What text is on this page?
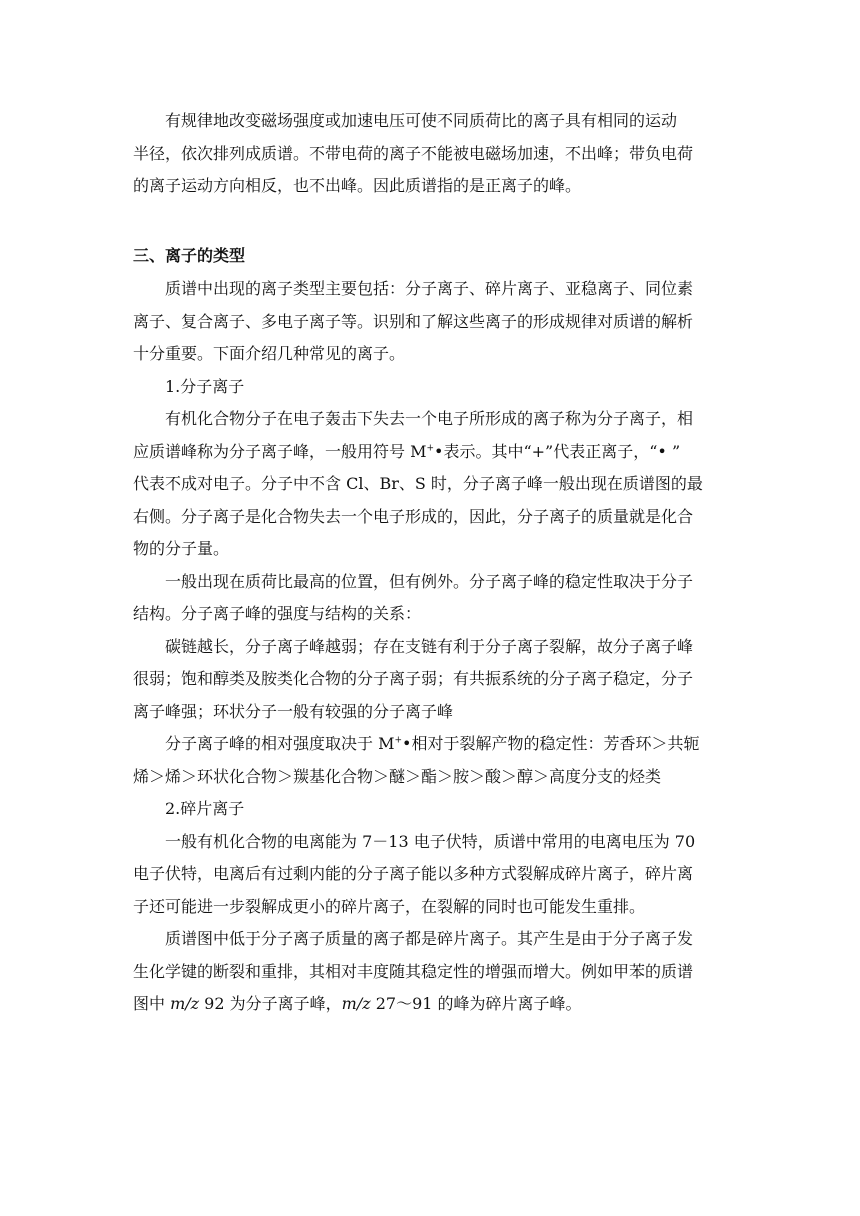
有规律地改变磁场强度或加速电压可使不同质荷比的离子具有相同的运动
半径，依次排列成质谱。不带电荷的离子不能被电磁场加速，不出峰；带负电荷
的离子运动方向相反，也不出峰。因此质谱指的是正离子的峰。
三、离子的类型
质谱中出现的离子类型主要包括：分子离子、碎片离子、亚稳离子、同位素
离子、复合离子、多电子离子等。识别和了解这些离子的形成规律对质谱的解析
十分重要。下面介绍几种常见的离子。
1.分子离子
有机化合物分子在电子轰击下失去一个电子所形成的离子称为分子离子，相
应质谱峰称为分子离子峰，一般用符号 M+•表示。其中“+”代表正离子，“• ”
代表不成对电子。分子中不含 Cl、Br、S 时，分子离子峰一般出现在质谱图的最
右侧。分子离子是化合物失去一个电子形成的，因此，分子离子的质量就是化合
物的分子量。
一般出现在质荷比最高的位置，但有例外。分子离子峰的稳定性取决于分子
结构。分子离子峰的强度与结构的关系：
碳链越长，分子离子峰越弱；存在支链有利于分子离子裂解，故分子离子峰
很弱；饱和醇类及胺类化合物的分子离子弱；有共振系统的分子离子稳定，分子
离子峰强；环状分子一般有较强的分子离子峰
分子离子峰的相对强度取决于 M+•相对于裂解产物的稳定性：芳香环＞共轭
烯＞烯＞环状化合物＞羰基化合物＞醚＞酯＞胺＞酸＞醇＞高度分支的烃类
2.碎片离子
一般有机化合物的电离能为 7－13 电子伏特，质谱中常用的电离电压为 70
电子伏特，电离后有过剩内能的分子离子能以多种方式裂解成碎片离子，碎片离
子还可能进一步裂解成更小的碎片离子，在裂解的同时也可能发生重排。
质谱图中低于分子离子质量的离子都是碎片离子。其产生是由于分子离子发
生化学键的断裂和重排，其相对丰度随其稳定性的增强而增大。例如甲苯的质谱
图中 m/z 92 为分子离子峰，m/z 27～91 的峰为碎片离子峰。
